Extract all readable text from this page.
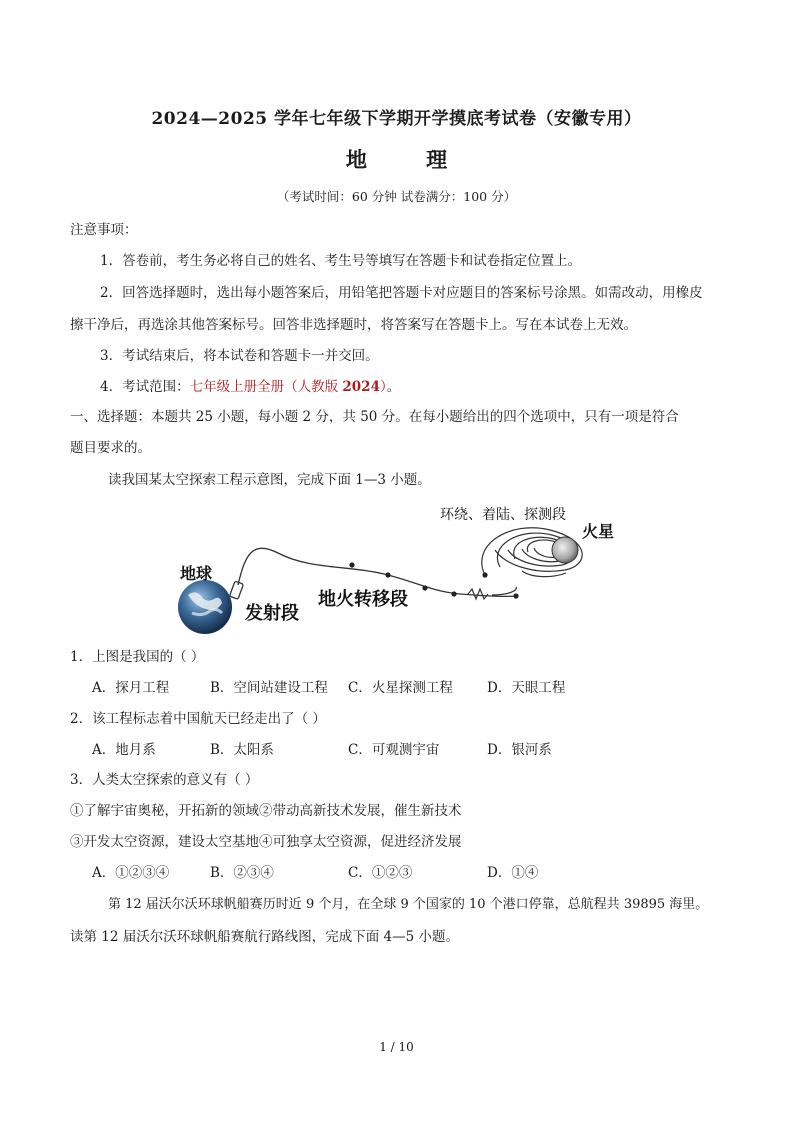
2024—2025 学年七年级下学期开学摸底考试卷（安徽专用）
地 理
（考试时间：60 分钟 试卷满分：100 分）
注意事项：
1．答卷前，考生务必将自己的姓名、考生号等填写在答题卡和试卷指定位置上。
2．回答选择题时，选出每小题答案后，用铅笔把答题卡对应题目的答案标号涂黑。如需改动，用橡皮
擦干净后，再选涂其他答案标号。回答非选择题时，将答案写在答题卡上。写在本试卷上无效。
3．考试结束后，将本试卷和答题卡一并交回。
4．考试范围：七年级上册全册（人教版 2024）。
一、选择题：本题共 25 小题，每小题 2 分，共 50 分。在每小题给出的四个选项中，只有一项是符合
题目要求的。
读我国某太空探索工程示意图，完成下面 1—3 小题。
环绕、着陆、探测段
火星
地球
发射段
地火转移段
1．上图是我国的（ ）
A．探月工程	B．空间站建设工程 C．火星探测工程	D．天眼工程
2．该工程标志着中国航天已经走出了（ ）
A．地月系	B．太阳系	C．可观测宇宙	D．银河系
3．人类太空探索的意义有（ ）
①了解宇宙奥秘，开拓新的领域②带动高新技术发展，催生新技术
③开发太空资源，建设太空基地④可独享太空资源，促进经济发展
A．①②③④	B．②③④	C．①②③	D．①④
第 12 届沃尔沃环球帆船赛历时近 9 个月，在全球 9 个国家的 10 个港口停靠，总航程共 39895 海里。
读第 12 届沃尔沃环球帆船赛航行路线图，完成下面 4—5 小题。
1 / 10
